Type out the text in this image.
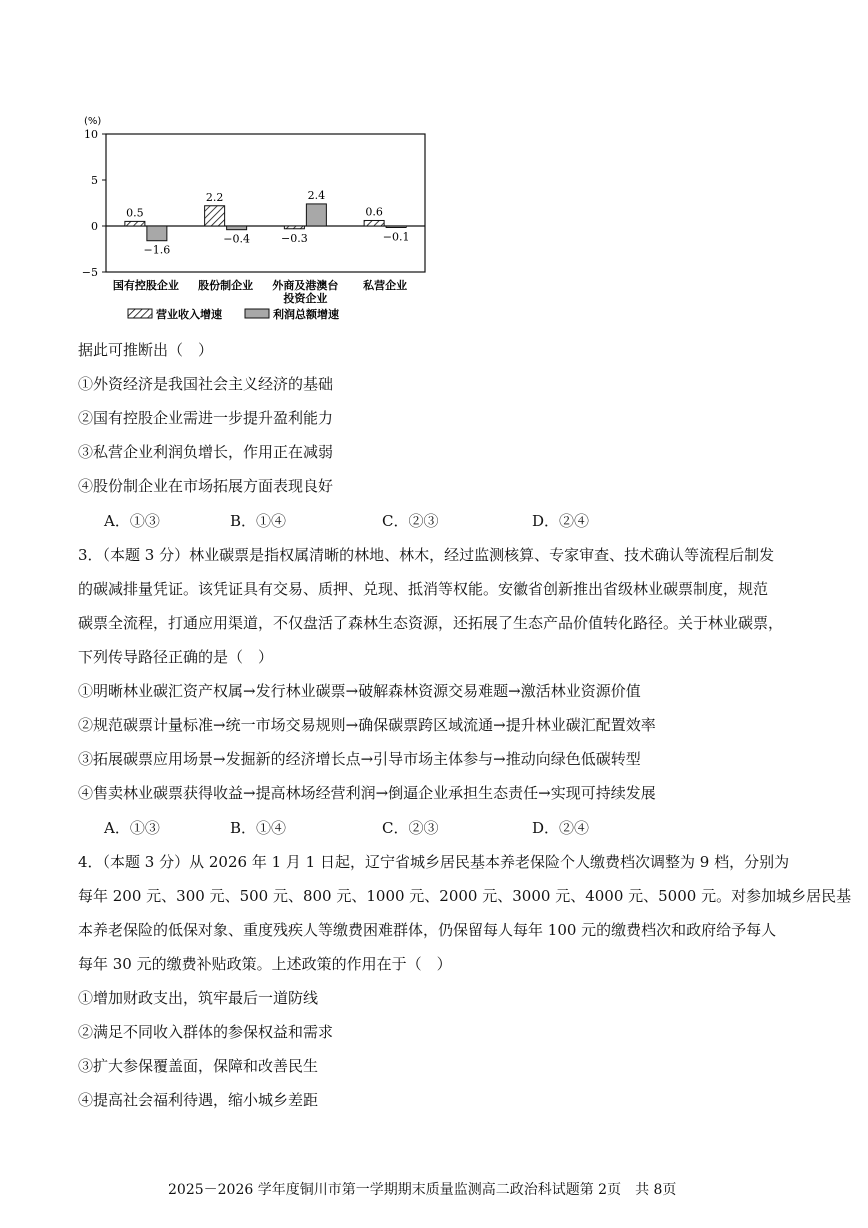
(%)
10
5
0
−5
0.5
−1.6
国有控股企业
2.2
−0.4
股份制企业
−0.3
2.4
外商及港澳台
投资企业
0.6
−0.1
私营企业
营业收入增速	利润总额增速
据此可推断出（　）
①外资经济是我国社会主义经济的基础
②国有控股企业需进一步提升盈利能力
③私营企业利润负增长，作用正在减弱
④股份制企业在市场拓展方面表现良好
A．①③	B．①④	C．②③	D．②④
3．（本题 3 分）林业碳票是指权属清晰的林地、林木，经过监测核算、专家审查、技术确认等流程后制发
的碳减排量凭证。该凭证具有交易、质押、兑现、抵消等权能。安徽省创新推出省级林业碳票制度，规范
碳票全流程，打通应用渠道，不仅盘活了森林生态资源，还拓展了生态产品价值转化路径。关于林业碳票，
下列传导路径正确的是（　）
①明晰林业碳汇资产权属→发行林业碳票→破解森林资源交易难题→激活林业资源价值
②规范碳票计量标准→统一市场交易规则→确保碳票跨区域流通→提升林业碳汇配置效率
③拓展碳票应用场景→发掘新的经济增长点→引导市场主体参与→推动向绿色低碳转型
④售卖林业碳票获得收益→提高林场经营利润→倒逼企业承担生态责任→实现可持续发展
A．①③	B．①④	C．②③	D．②④
4．（本题 3 分）从 2026 年 1 月 1 日起，辽宁省城乡居民基本养老保险个人缴费档次调整为 9 档，分别为
每年 200 元、300 元、500 元、800 元、1000 元、2000 元、3000 元、4000 元、5000 元。对参加城乡居民基
本养老保险的低保对象、重度残疾人等缴费困难群体，仍保留每人每年 100 元的缴费档次和政府给予每人
每年 30 元的缴费补贴政策。上述政策的作用在于（　）
①增加财政支出，筑牢最后一道防线
②满足不同收入群体的参保权益和需求
③扩大参保覆盖面，保障和改善民生
④提高社会福利待遇，缩小城乡差距
2025－2026 学年度铜川市第一学期期末质量监测高二政治科试题第 2页　共 8页
